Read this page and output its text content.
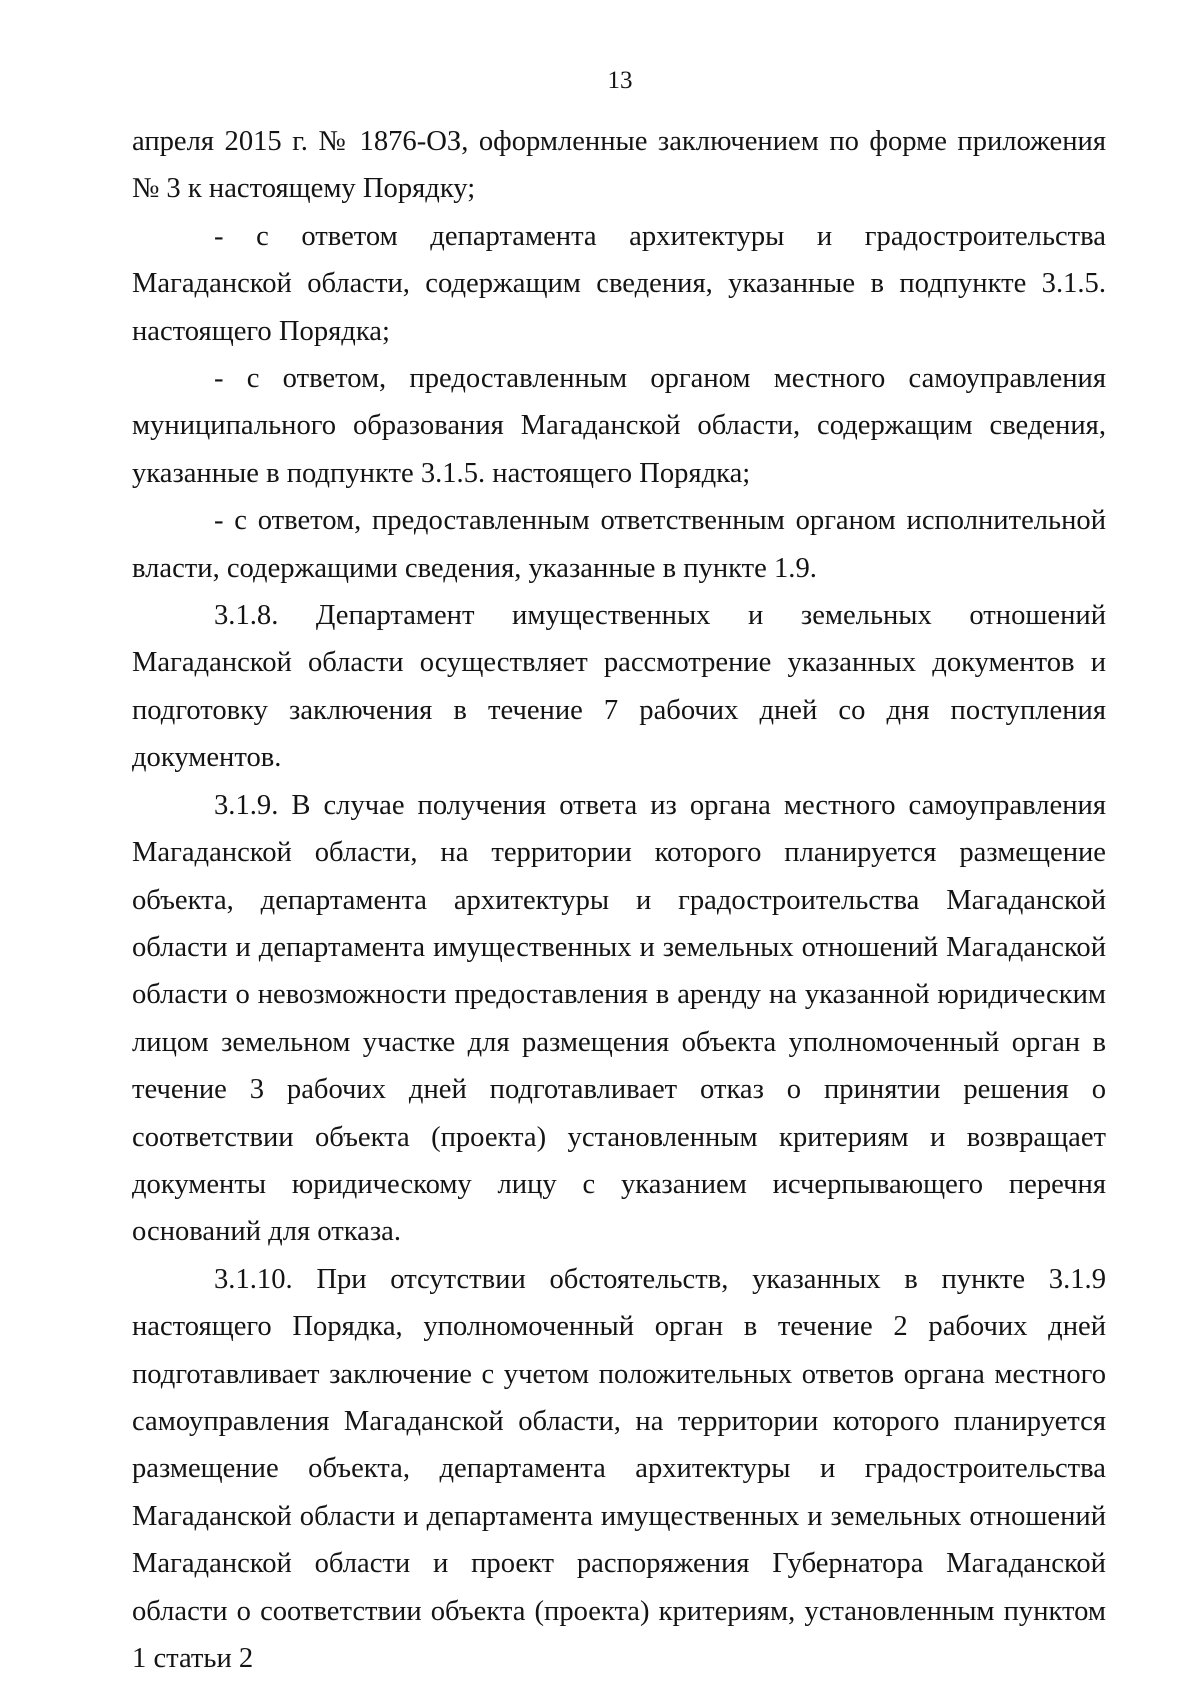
13

апреля 2015 г. № 1876-ОЗ, оформленные заключением по форме приложения № 3 к настоящему Порядку;

- с ответом департамента архитектуры и градостроительства Магаданской области, содержащим сведения, указанные в подпункте 3.1.5. настоящего Порядка;

- с ответом, предоставленным органом местного самоуправления муниципального образования Магаданской области, содержащим сведения, указанные в подпункте 3.1.5. настоящего Порядка;

- с ответом, предоставленным ответственным органом исполнительной власти, содержащими сведения, указанные в пункте 1.9.

3.1.8. Департамент имущественных и земельных отношений Магаданской области осуществляет рассмотрение указанных документов и подготовку заключения в течение 7 рабочих дней со дня поступления документов.

3.1.9. В случае получения ответа из органа местного самоуправления Магаданской области, на территории которого планируется размещение объекта, департамента архитектуры и градостроительства Магаданской области и департамента имущественных и земельных отношений Магаданской области о невозможности предоставления в аренду на указанной юридическим лицом земельном участке для размещения объекта уполномоченный орган в течение 3 рабочих дней подготавливает отказ о принятии решения о соответствии объекта (проекта) установленным критериям и возвращает документы юридическому лицу с указанием исчерпывающего перечня оснований для отказа.

3.1.10. При отсутствии обстоятельств, указанных в пункте 3.1.9 настоящего Порядка, уполномоченный орган в течение 2 рабочих дней подготавливает заключение с учетом положительных ответов органа местного самоуправления Магаданской области, на территории которого планируется размещение объекта, департамента архитектуры и градостроительства Магаданской области и департамента имущественных и земельных отношений Магаданской области и проект распоряжения Губернатора Магаданской области о соответствии объекта (проекта) критериям, установленным пунктом 1 статьи 2
